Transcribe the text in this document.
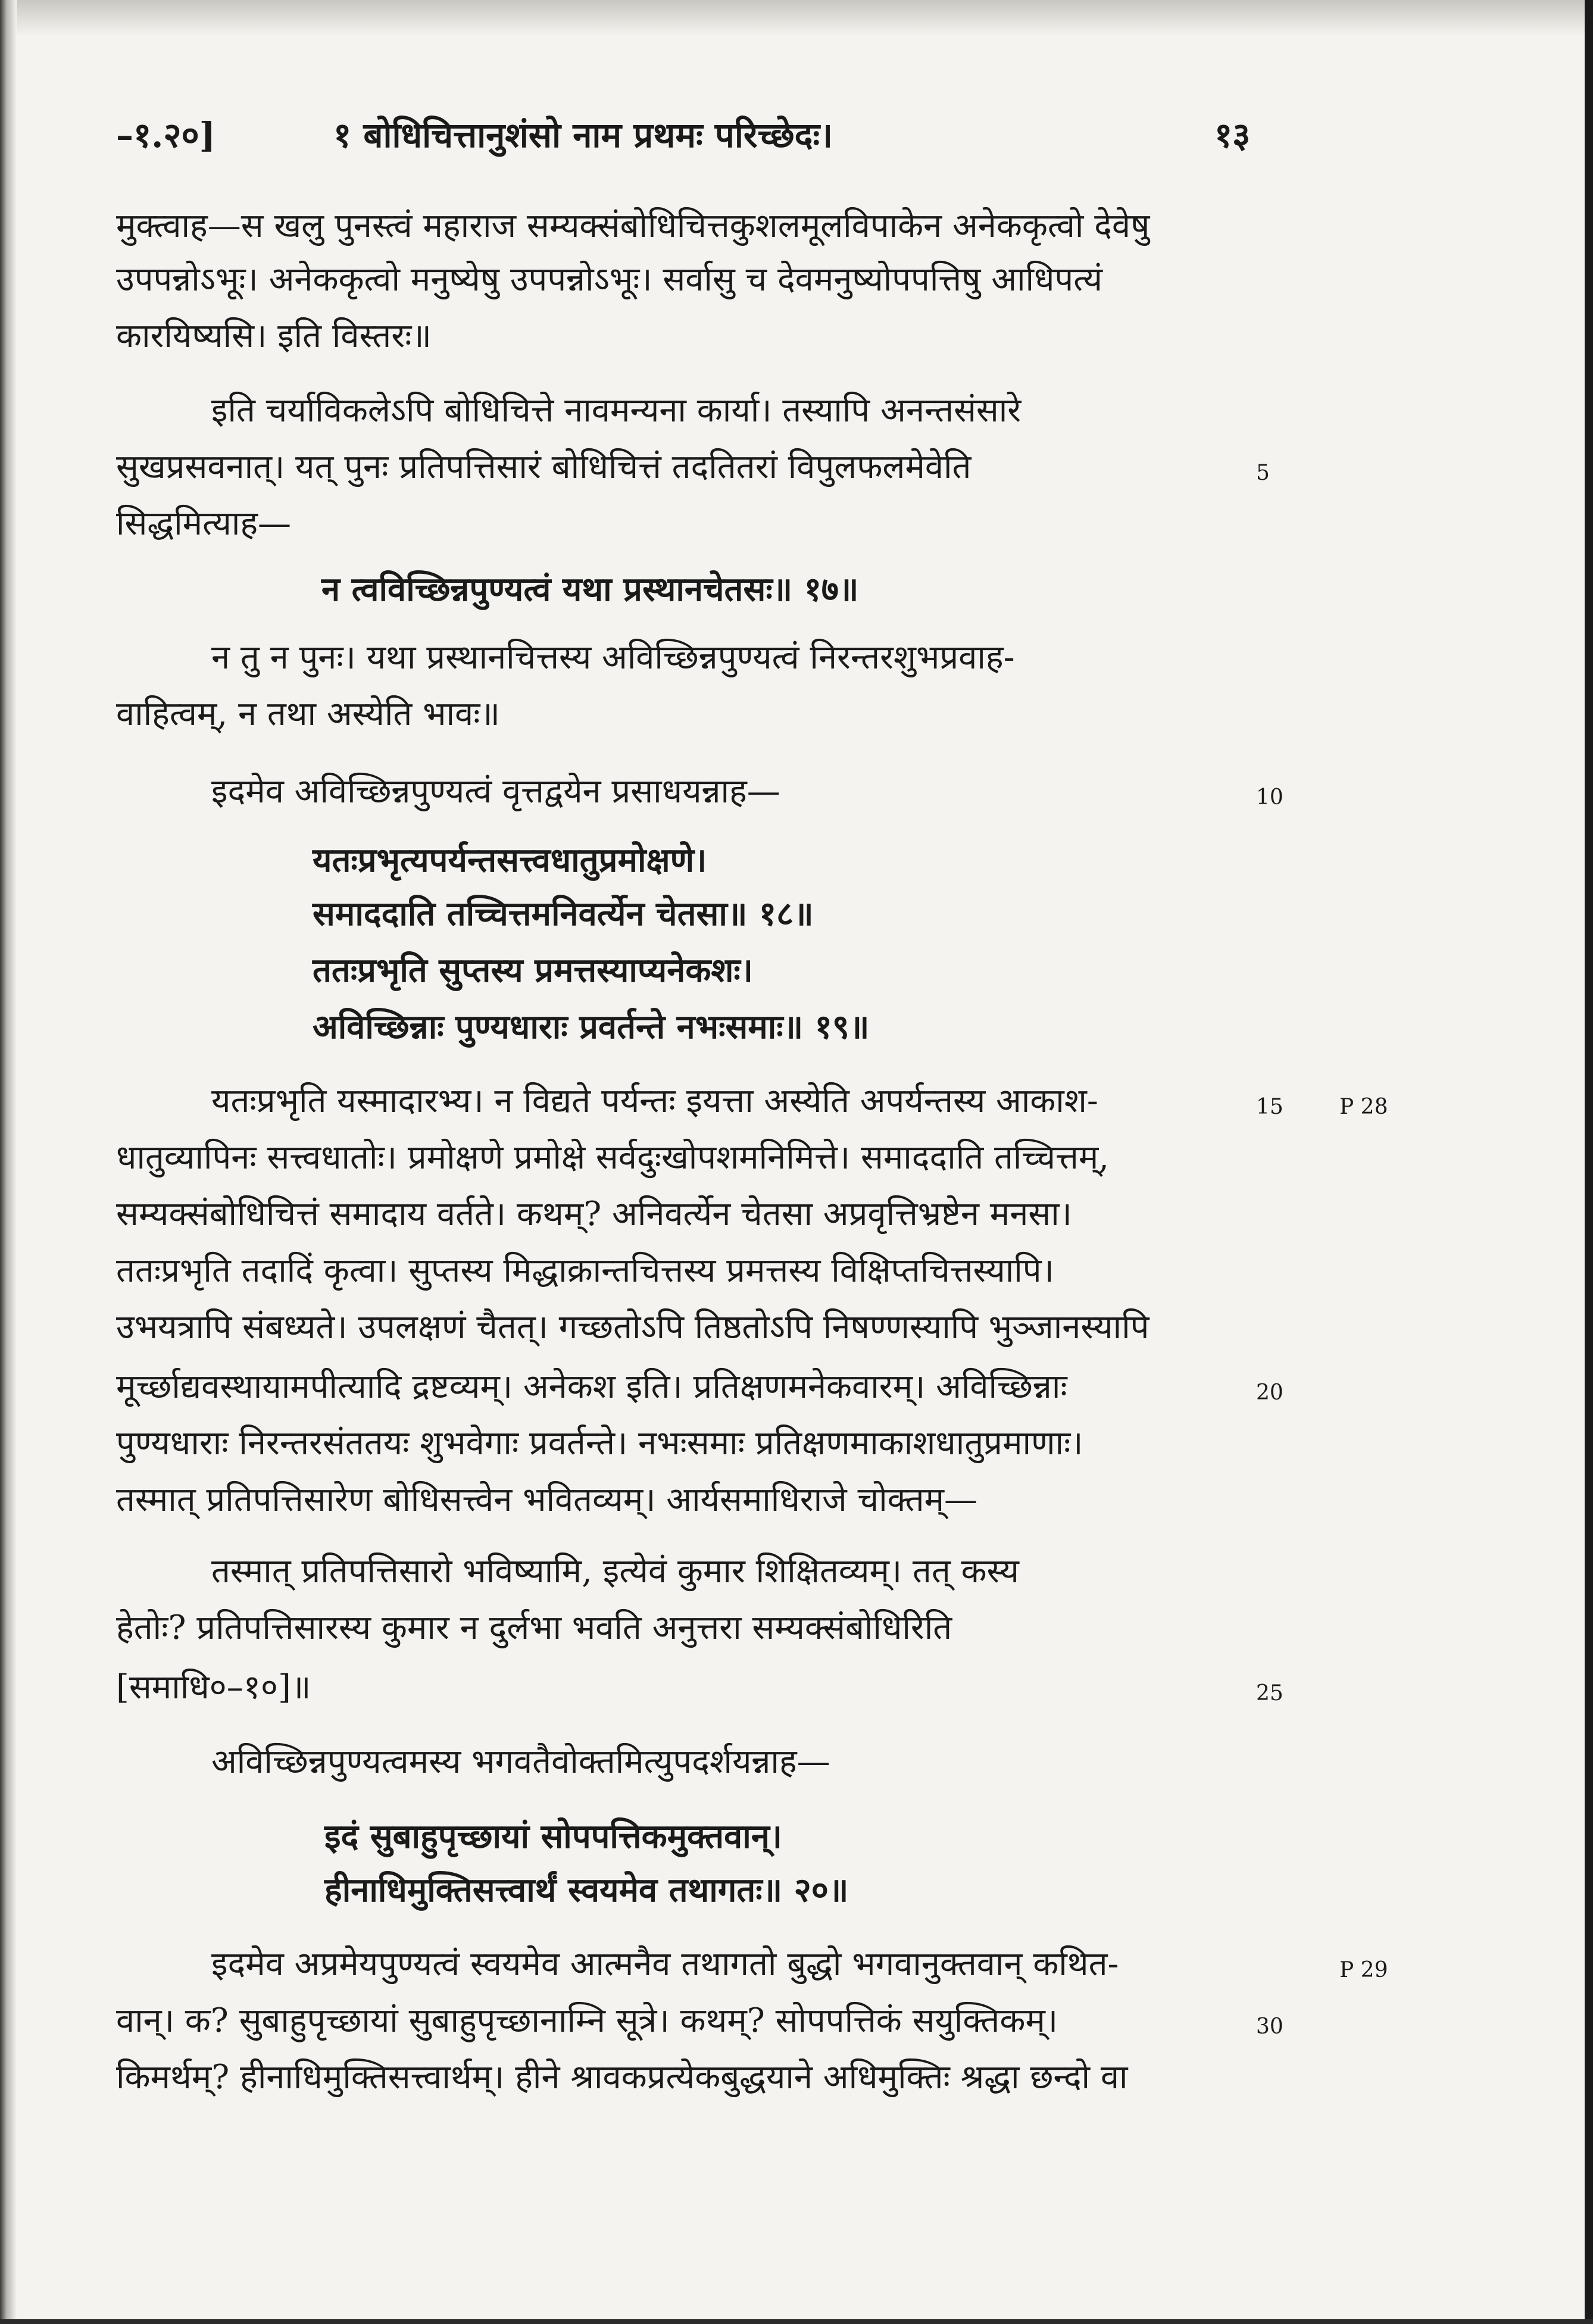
–१.२०]	१ बोधिचित्तानुशंसो नाम प्रथमः परिच्छेदः।	१३
मुक्त्वाह—स खलु पुनस्त्वं महाराज सम्यक्संबोधिचित्तकुशलमूलविपाकेन अनेककृत्वो देवेषु
उपपन्नोऽभूः। अनेककृत्वो मनुष्येषु उपपन्नोऽभूः। सर्वासु च देवमनुष्योपपत्तिषु आधिपत्यं
कारयिष्यसि। इति विस्तरः॥
इति चर्याविकलेऽपि बोधिचित्ते नावमन्यना कार्या। तस्यापि अनन्तसंसारे
सुखप्रसवनात्। यत् पुनः प्रतिपत्तिसारं बोधिचित्तं तदतितरां विपुलफलमेवेति	5
सिद्धमित्याह—
न त्वविच्छिन्नपुण्यत्वं यथा प्रस्थानचेतसः॥ १७॥
न तु न पुनः। यथा प्रस्थानचित्तस्य अविच्छिन्नपुण्यत्वं निरन्तरशुभप्रवाह-
वाहित्वम्, न तथा अस्येति भावः॥
इदमेव अविच्छिन्नपुण्यत्वं वृत्तद्वयेन प्रसाधयन्नाह—	10
यतःप्रभृत्यपर्यन्तसत्त्वधातुप्रमोक्षणे।
समाददाति तच्चित्तमनिवर्त्येन चेतसा॥ १८॥
ततःप्रभृति सुप्तस्य प्रमत्तस्याप्यनेकशः।
अविच्छिन्नाः पुण्यधाराः प्रवर्तन्ते नभःसमाः॥ १९॥
यतःप्रभृति यस्मादारभ्य। न विद्यते पर्यन्तः इयत्ता अस्येति अपर्यन्तस्य आकाश-	15	P 28
धातुव्यापिनः सत्त्वधातोः। प्रमोक्षणे प्रमोक्षे सर्वदुःखोपशमनिमित्ते। समाददाति तच्चित्तम्,
सम्यक्संबोधिचित्तं समादाय वर्तते। कथम्? अनिवर्त्येन चेतसा अप्रवृत्तिभ्रष्टेन मनसा।
ततःप्रभृति तदादिं कृत्वा। सुप्तस्य मिद्धाक्रान्तचित्तस्य प्रमत्तस्य विक्षिप्तचित्तस्यापि।
उभयत्रापि संबध्यते। उपलक्षणं चैतत्। गच्छतोऽपि तिष्ठतोऽपि निषण्णस्यापि भुञ्जानस्यापि
मूर्च्छाद्यवस्थायामपीत्यादि द्रष्टव्यम्। अनेकश इति। प्रतिक्षणमनेकवारम्। अविच्छिन्नाः	20
पुण्यधाराः निरन्तरसंततयः शुभवेगाः प्रवर्तन्ते। नभःसमाः प्रतिक्षणमाकाशधातुप्रमाणाः।
तस्मात् प्रतिपत्तिसारेण बोधिसत्त्वेन भवितव्यम्। आर्यसमाधिराजे चोक्तम्—
तस्मात् प्रतिपत्तिसारो भविष्यामि, इत्येवं कुमार शिक्षितव्यम्। तत् कस्य
हेतोः? प्रतिपत्तिसारस्य कुमार न दुर्लभा भवति अनुत्तरा सम्यक्संबोधिरिति
[समाधि०–१०]॥	25
अविच्छिन्नपुण्यत्वमस्य भगवतैवोक्तमित्युपदर्शयन्नाह—
इदं सुबाहुपृच्छायां सोपपत्तिकमुक्तवान्।
हीनाधिमुक्तिसत्त्वार्थं स्वयमेव तथागतः॥ २०॥
इदमेव अप्रमेयपुण्यत्वं स्वयमेव आत्मनैव तथागतो बुद्धो भगवानुक्तवान् कथित-	P 29
वान्। क? सुबाहुपृच्छायां सुबाहुपृच्छानाम्नि सूत्रे। कथम्? सोपपत्तिकं सयुक्तिकम्।	30
किमर्थम्? हीनाधिमुक्तिसत्त्वार्थम्। हीने श्रावकप्रत्येकबुद्धयाने अधिमुक्तिः श्रद्धा छन्दो वा
